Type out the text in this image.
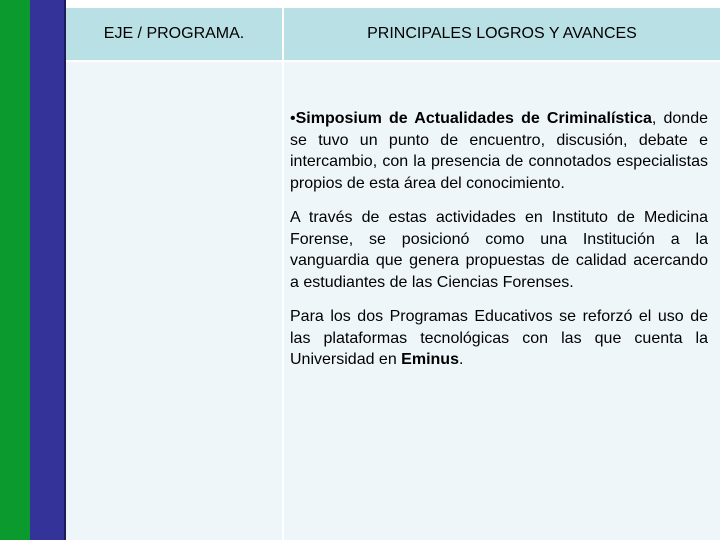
EJE / PROGRAMA.	PRINCIPALES LOGROS Y AVANCES

•Simposium de Actualidades de Criminalística, donde se tuvo un punto de encuentro, discusión, debate e intercambio, con la presencia de connotados especialistas propios de esta área del conocimiento.

A través de estas actividades en Instituto de Medicina Forense, se posicionó como una Institución a la vanguardia que genera propuestas de calidad acercando a estudiantes de las Ciencias Forenses.

Para los dos Programas Educativos se reforzó el uso de las plataformas tecnológicas con las que cuenta la Universidad en Eminus.
